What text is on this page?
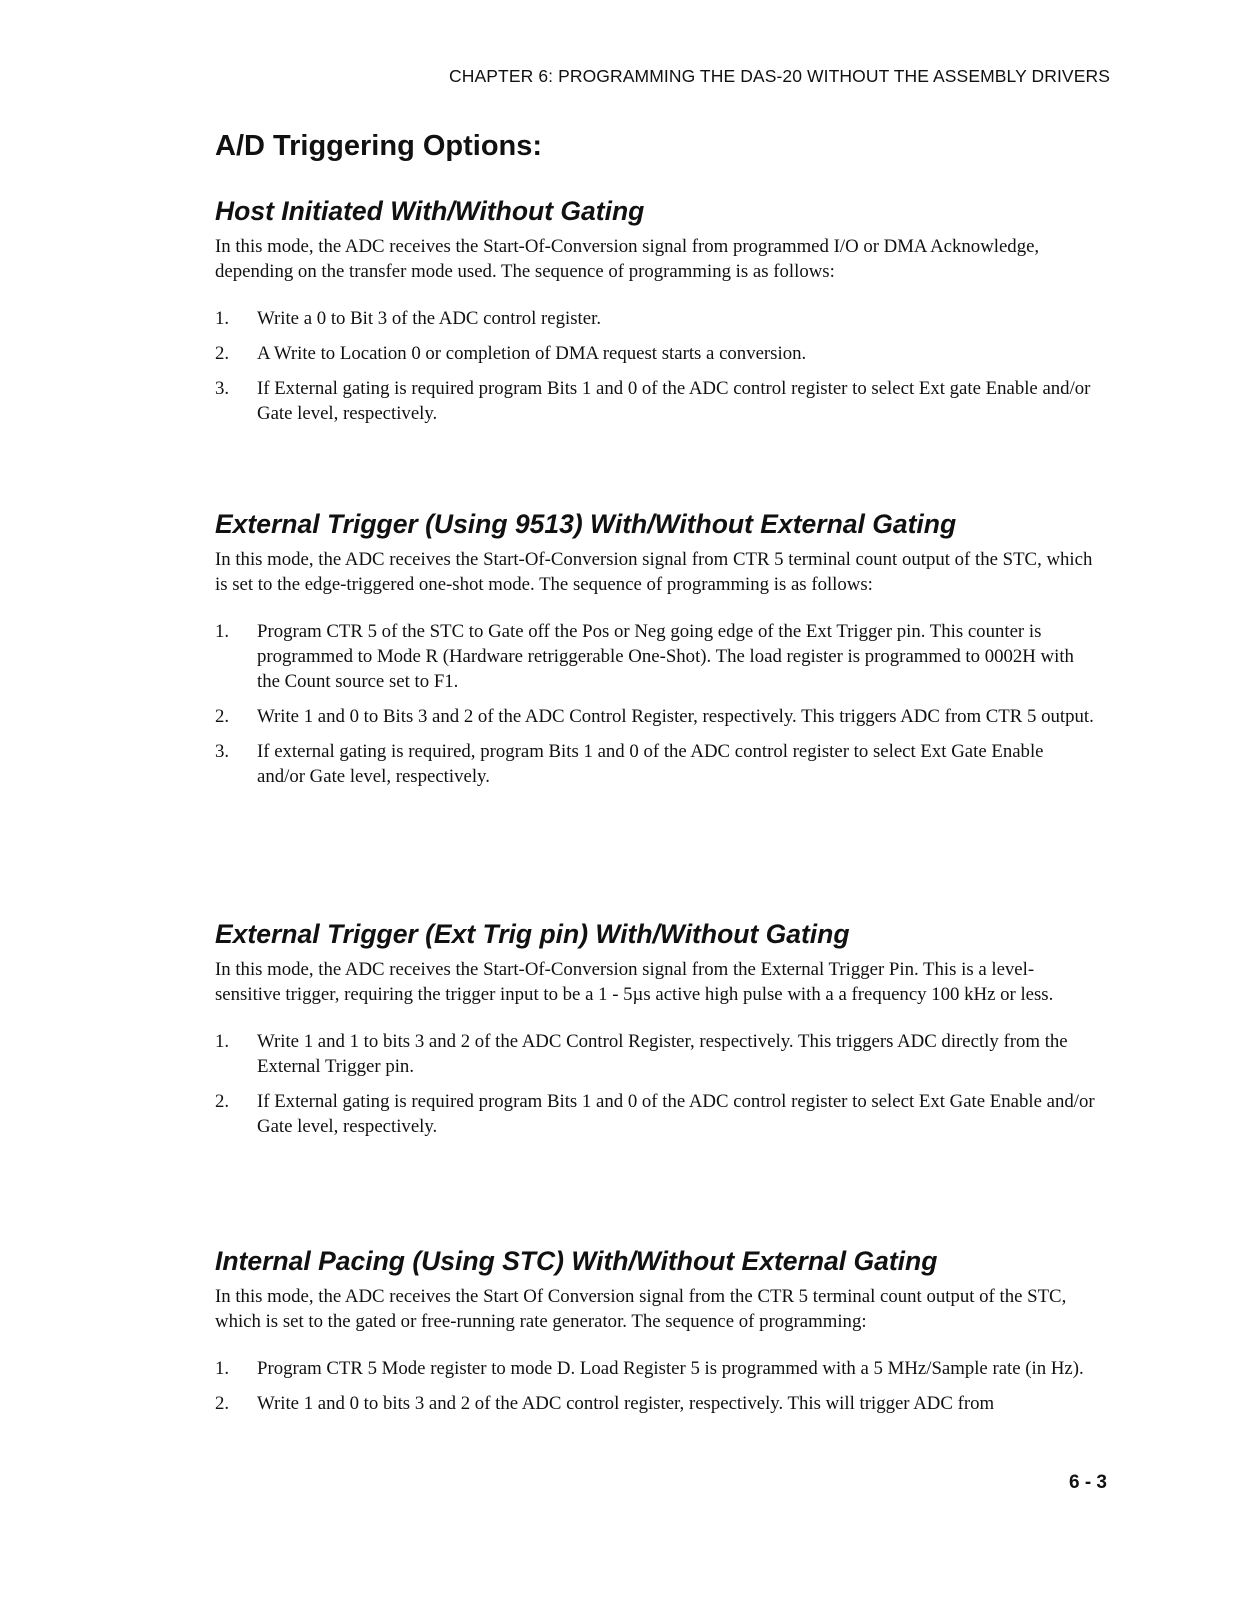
CHAPTER 6: PROGRAMMING THE DAS-20 WITHOUT THE ASSEMBLY DRIVERS
A/D Triggering Options:
Host Initiated With/Without Gating

In this mode, the ADC receives the Start-Of-Conversion signal from programmed I/O or DMA Acknowledge, depending on the transfer mode used. The sequence of programming is as follows:

1.	Write a 0 to Bit 3 of the ADC control register.
2.	A Write to Location 0 or completion of DMA request starts a conversion.
3.	If External gating is required program Bits 1 and 0 of the ADC control register to select Ext gate Enable and/or Gate level, respectively.
External Trigger (Using 9513) With/Without External Gating

In this mode, the ADC receives the Start-Of-Conversion signal from CTR 5 terminal count output of the STC, which is set to the edge-triggered one-shot mode. The sequence of programming is as follows:

1.	Program CTR 5 of the STC to Gate off the Pos or Neg going edge of the Ext Trigger pin. This counter is programmed to Mode R (Hardware retriggerable One-Shot). The load register is programmed to 0002H with the Count source set to F1.
2.	Write 1 and 0 to Bits 3 and 2 of the ADC Control Register, respectively. This triggers ADC from CTR 5 output.
3.	If external gating is required, program Bits 1 and 0 of the ADC control register to select Ext Gate Enable and/or Gate level, respectively.
External Trigger (Ext Trig pin) With/Without Gating

In this mode, the ADC receives the Start-Of-Conversion signal from the External Trigger Pin. This is a level-sensitive trigger, requiring the trigger input to be a 1 - 5µs active high pulse with a a frequency 100 kHz or less.

1.	Write 1 and 1 to bits 3 and 2 of the ADC Control Register, respectively. This triggers ADC directly from the External Trigger pin.
2.	If External gating is required program Bits 1 and 0 of the ADC control register to select Ext Gate Enable and/or Gate level, respectively.
Internal Pacing (Using STC) With/Without External Gating

In this mode, the ADC receives the Start Of Conversion signal from the CTR 5 terminal count output of the STC, which is set to the gated or free-running rate generator. The sequence of programming:

1.	Program CTR 5 Mode register to mode D. Load Register 5 is programmed with a 5 MHz/Sample rate (in Hz).
2.	Write 1 and 0 to bits 3 and 2 of the ADC control register, respectively. This will trigger ADC from
6 - 3
